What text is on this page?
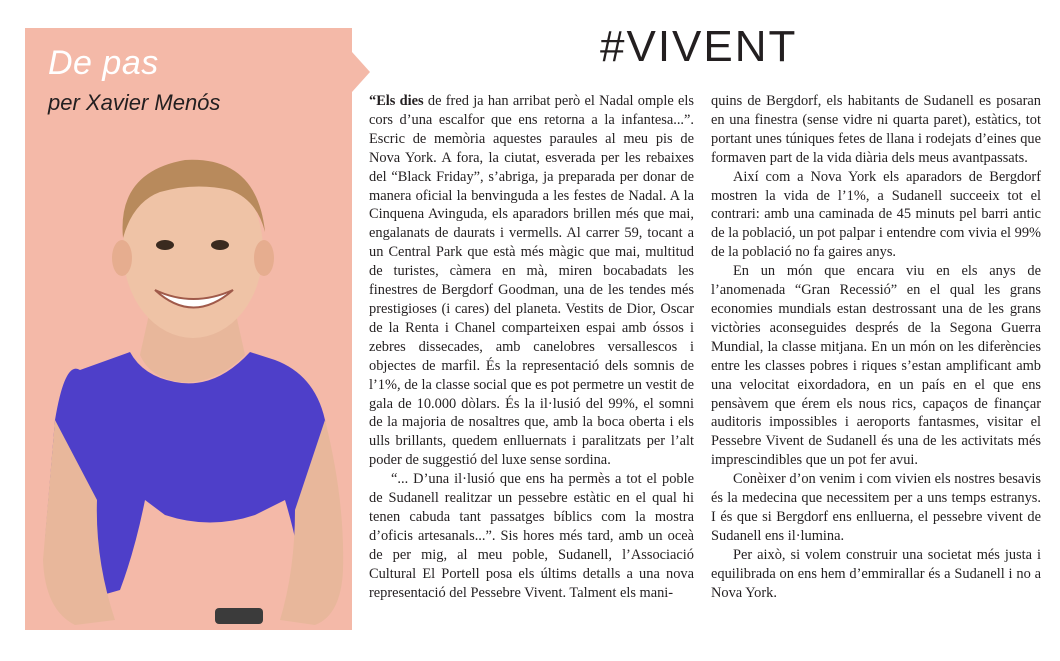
De pas
per Xavier Menós
#VIVENT

“Els dies de fred ja han arribat però el Nadal omple els cors d’una escalfor que ens retorna a la infantesa...”. Escric de memòria aquestes paraules al meu pis de Nova York. A fora, la ciutat, esverada per les rebaixes del “Black Friday”, s’abriga, ja preparada per donar de manera oficial la benvinguda a les festes de Nadal. A la Cinquena Avinguda, els aparadors brillen més que mai, engalanats de daurats i vermells. Al carrer 59, tocant a un Central Park que està més màgic que mai, multitud de turistes, càmera en mà, miren bocabadats les finestres de Bergdorf Goodman, una de les tendes més prestigioses (i cares) del planeta. Vestits de Dior, Oscar de la Renta i Chanel comparteixen espai amb óssos i zebres dissecades, amb canelobres versallescos i objectes de marfil. És la representació dels somnis de l’1%, de la classe social que es pot permetre un vestit de gala de 10.000 dòlars. És la il·lusió del 99%, el somni de la majoria de nosaltres que, amb la boca oberta i els ulls brillants, quedem enlluernats i paralitzats per l’alt poder de suggestió del luxe sense sordina.

“... D’una il·lusió que ens ha permès a tot el poble de Sudanell realitzar un pessebre estàtic en el qual hi tenen cabuda tant passatges bíblics com la mostra d’oficis artesanals...”. Sis hores més tard, amb un oceà de per mig, al meu poble, Sudanell, l’Associació Cultural El Portell posa els últims detalls a una nova representació del Pessebre Vivent. Talment els mani-

quins de Bergdorf, els habitants de Sudanell es posaran en una finestra (sense vidre ni quarta paret), estàtics, tot portant unes túniques fetes de llana i rodejats d’eines que formaven part de la vida diària dels meus avantpassats.

Així com a Nova York els aparadors de Bergdorf mostren la vida de l’1%, a Sudanell succeeix tot el contrari: amb una caminada de 45 minuts pel barri antic de la població, un pot palpar i entendre com vivia el 99% de la població no fa gaires anys.

En un món que encara viu en els anys de l’anomenada “Gran Recessió” en el qual les grans economies mundials estan destrossant una de les grans victòries aconseguides després de la Segona Guerra Mundial, la classe mitjana. En un món on les diferències entre les classes pobres i riques s’estan amplificant amb una velocitat eixordadora, en un país en el que ens pensàvem que érem els nous rics, capaços de finançar auditoris impossibles i aeroports fantasmes, visitar el Pessebre Vivent de Sudanell és una de les activitats més imprescindibles que un pot fer avui.

Conèixer d’on venim i com vivien els nostres besavis és la medecina que necessitem per a uns temps estranys. I és que si Bergdorf ens enlluerna, el pessebre vivent de Sudanell ens il·lumina.

Per això, si volem construir una societat més justa i equilibrada on ens hem d’emmirallar és a Sudanell i no a Nova York.
